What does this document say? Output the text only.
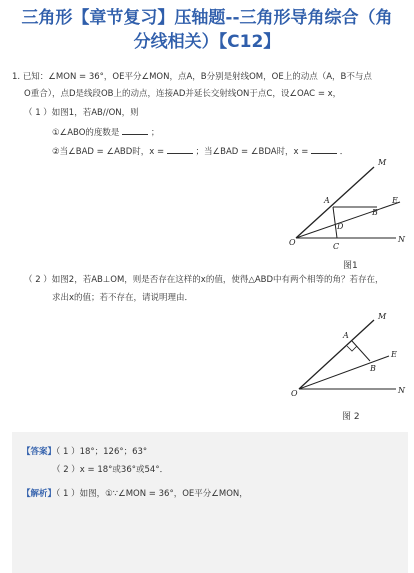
三角形【章节复习】压轴题--三角形导角综合（角
分线相关）【C12】
1. 已知：∠MON = 36°，OE平分∠MON，点A，B分别是射线OM，OE上的动点（A，B不与点
O重合），点D是线段OB上的动点，连接AD并延长交射线ON于点C，设∠OAC = x，
（ 1 ）如图1，若AB//ON，则
①∠ABO的度数是	；
②当∠BAD = ∠ABD时，x =	；当∠BAD = ∠BDA时，x =	．
M
E
N
O
A
B
D
C
图1
（ 2 ）如图2，若AB⊥OM，则是否存在这样的x的值，使得△ABD中有两个相等的角？若存在，
求出x的值；若不存在，请说明理由．
M
E
N
O
A
B
图 2
【答案】（ 1 ）18°；126°；63°
（ 2 ）x = 18°或36°或54°．
【解析】（ 1 ）如图，①∵∠MON = 36°，OE平分∠MON，
